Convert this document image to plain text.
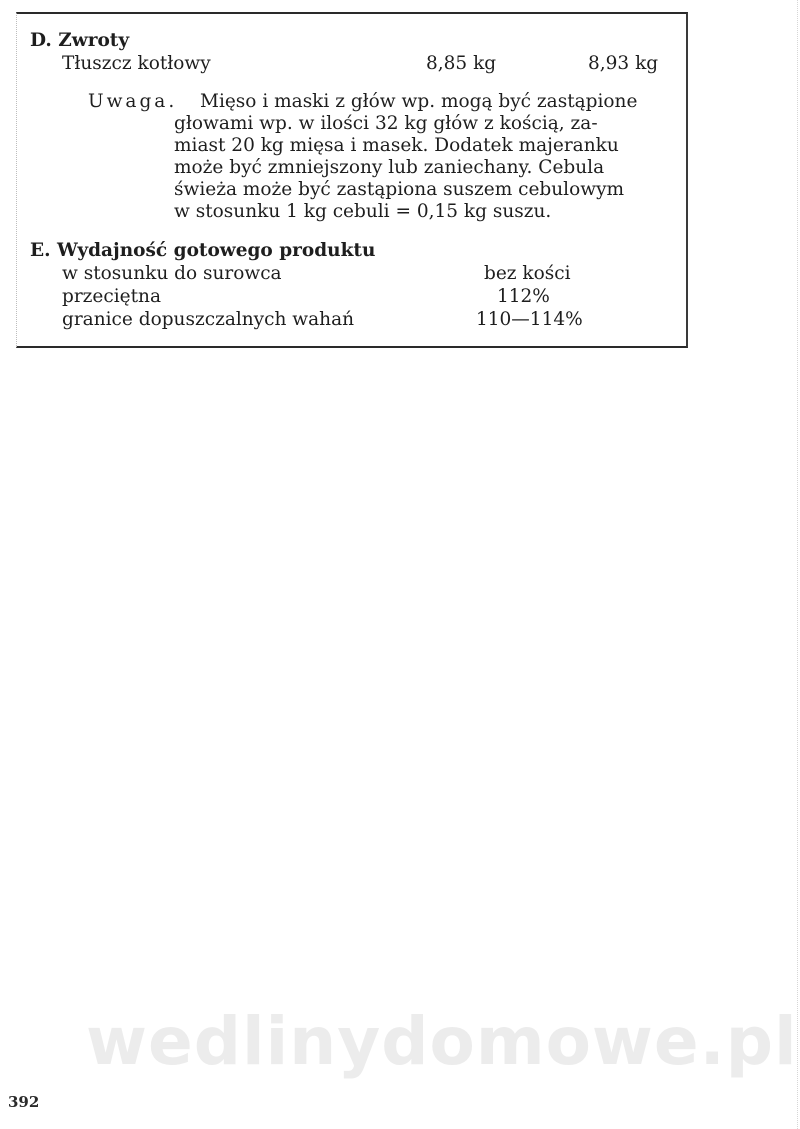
D. Zwroty
Tłuszcz kotłowy	8,85 kg	8,93 kg
Uwaga. Mięso i maski z głów wp. mogą być zastąpione
głowami wp. w ilości 32 kg głów z kością, za-
miast 20 kg mięsa i masek. Dodatek majeranku
może być zmniejszony lub zaniechany. Cebula
świeża może być zastąpiona suszem cebulowym
w stosunku 1 kg cebuli = 0,15 kg suszu.
E. Wydajność gotowego produktu
w stosunku do surowca	bez kości
przeciętna	112%
granice dopuszczalnych wahań	110—114%
wedlinydomowe.pl
392
